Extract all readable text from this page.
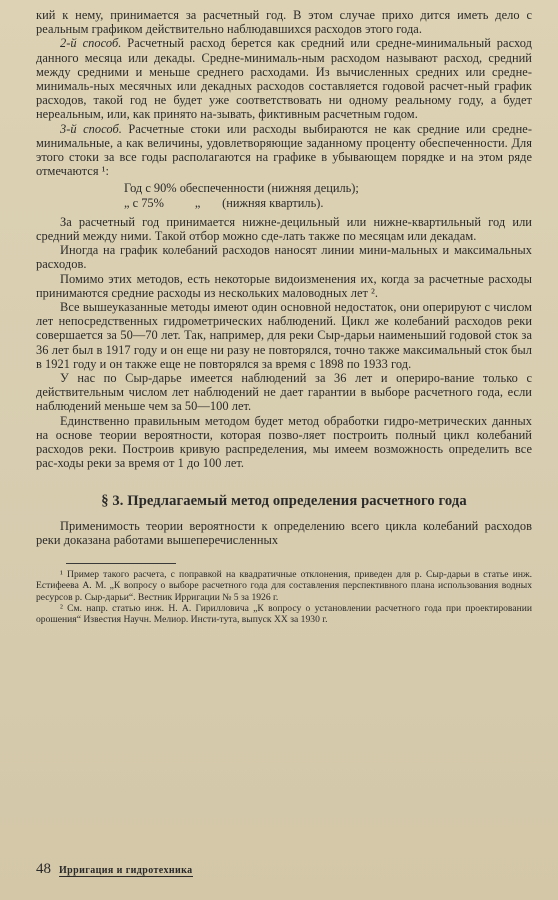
кий к нему, принимается за расчетный год. В этом случае прихо дится иметь дело с реальным графиком действительно наблюдавшихся расходов этого года.

2-й способ. Расчетный расход берется как средний или средне-минимальный расход данного месяца или декады. Средне-минималь-ным расходом называют расход, средний между средними и меньше среднего расходами. Из вычисленных средних или средне-минималь-ных месячных или декадных расходов составляется годовой расчет-ный график расходов, такой год не будет уже соответствовать ни одному реальному году, а будет нереальным, или, как принято на-зывать, фиктивным расчетным годом.

3-й способ. Расчетные стоки или расходы выбираются не как средние или средне-минимальные, а как величины, удовлетворяющие заданному проценту обеспеченности. Для этого стоки за все годы располагаются на графике в убывающем порядке и на этом ряде отмечаются ¹:

Год с 90% обеспеченности (нижняя дециль);
„ с 75%          „       (нижняя квартиль).

За расчетный год принимается нижне-децильный или нижне-квартильный год или средний между ними. Такой отбор можно сде-лать также по месяцам или декадам.

Иногда на график колебаний расходов наносят линии мини-мальных и максимальных расходов.

Помимо этих методов, есть некоторые видоизменения их, когда за расчетные расходы принимаются средние расходы из нескольких маловодных лет ².

Все вышеуказанные методы имеют один основной недостаток, они оперируют с числом лет непосредственных гидрометрических наблюдений. Цикл же колебаний расходов реки совершается за 50—70 лет. Так, например, для реки Сыр-дарьи наименьший годовой сток за 36 лет был в 1917 году и он еще ни разу не повторялся, точно также максимальный сток был в 1921 году и он также еще не повторялся за время с 1898 по 1933 год.

У нас по Сыр-дарье имеется наблюдений за 36 лет и опериро-вание только с действительным числом лет наблюдений не дает гарантии в выборе расчетного года, если наблюдений меньше чем за 50—100 лет.

Единственно правильным методом будет метод обработки гидро-метрических данных на основе теории вероятности, которая позво-ляет построить полный цикл колебаний расходов реки. Построив кривую распределения, мы имеем возможность определить все рас-ходы реки за время от 1 до 100 лет.

§ 3. Предлагаемый метод определения расчетного года

Применимость теории вероятности к определению всего цикла колебаний расходов реки доказана работами вышеперечисленных

¹ Пример такого расчета, с поправкой на квадратичные отклонения, приведен для р. Сыр-дарьи в статье инж. Естифеева А. М. „К вопросу о выборе расчетного года для составления перспективного плана использования водных ресурсов р. Сыр-дарьи“. Вестник Ирригации № 5 за 1926 г.

² См. напр. статью инж. Н. А. Гирилловича „К вопросу о установлении расчетного года при проектировании орошения“ Известия Научн. Мелиор. Инсти-тута, выпуск XX за 1930 г.

48 Ирригация и гидротехника
